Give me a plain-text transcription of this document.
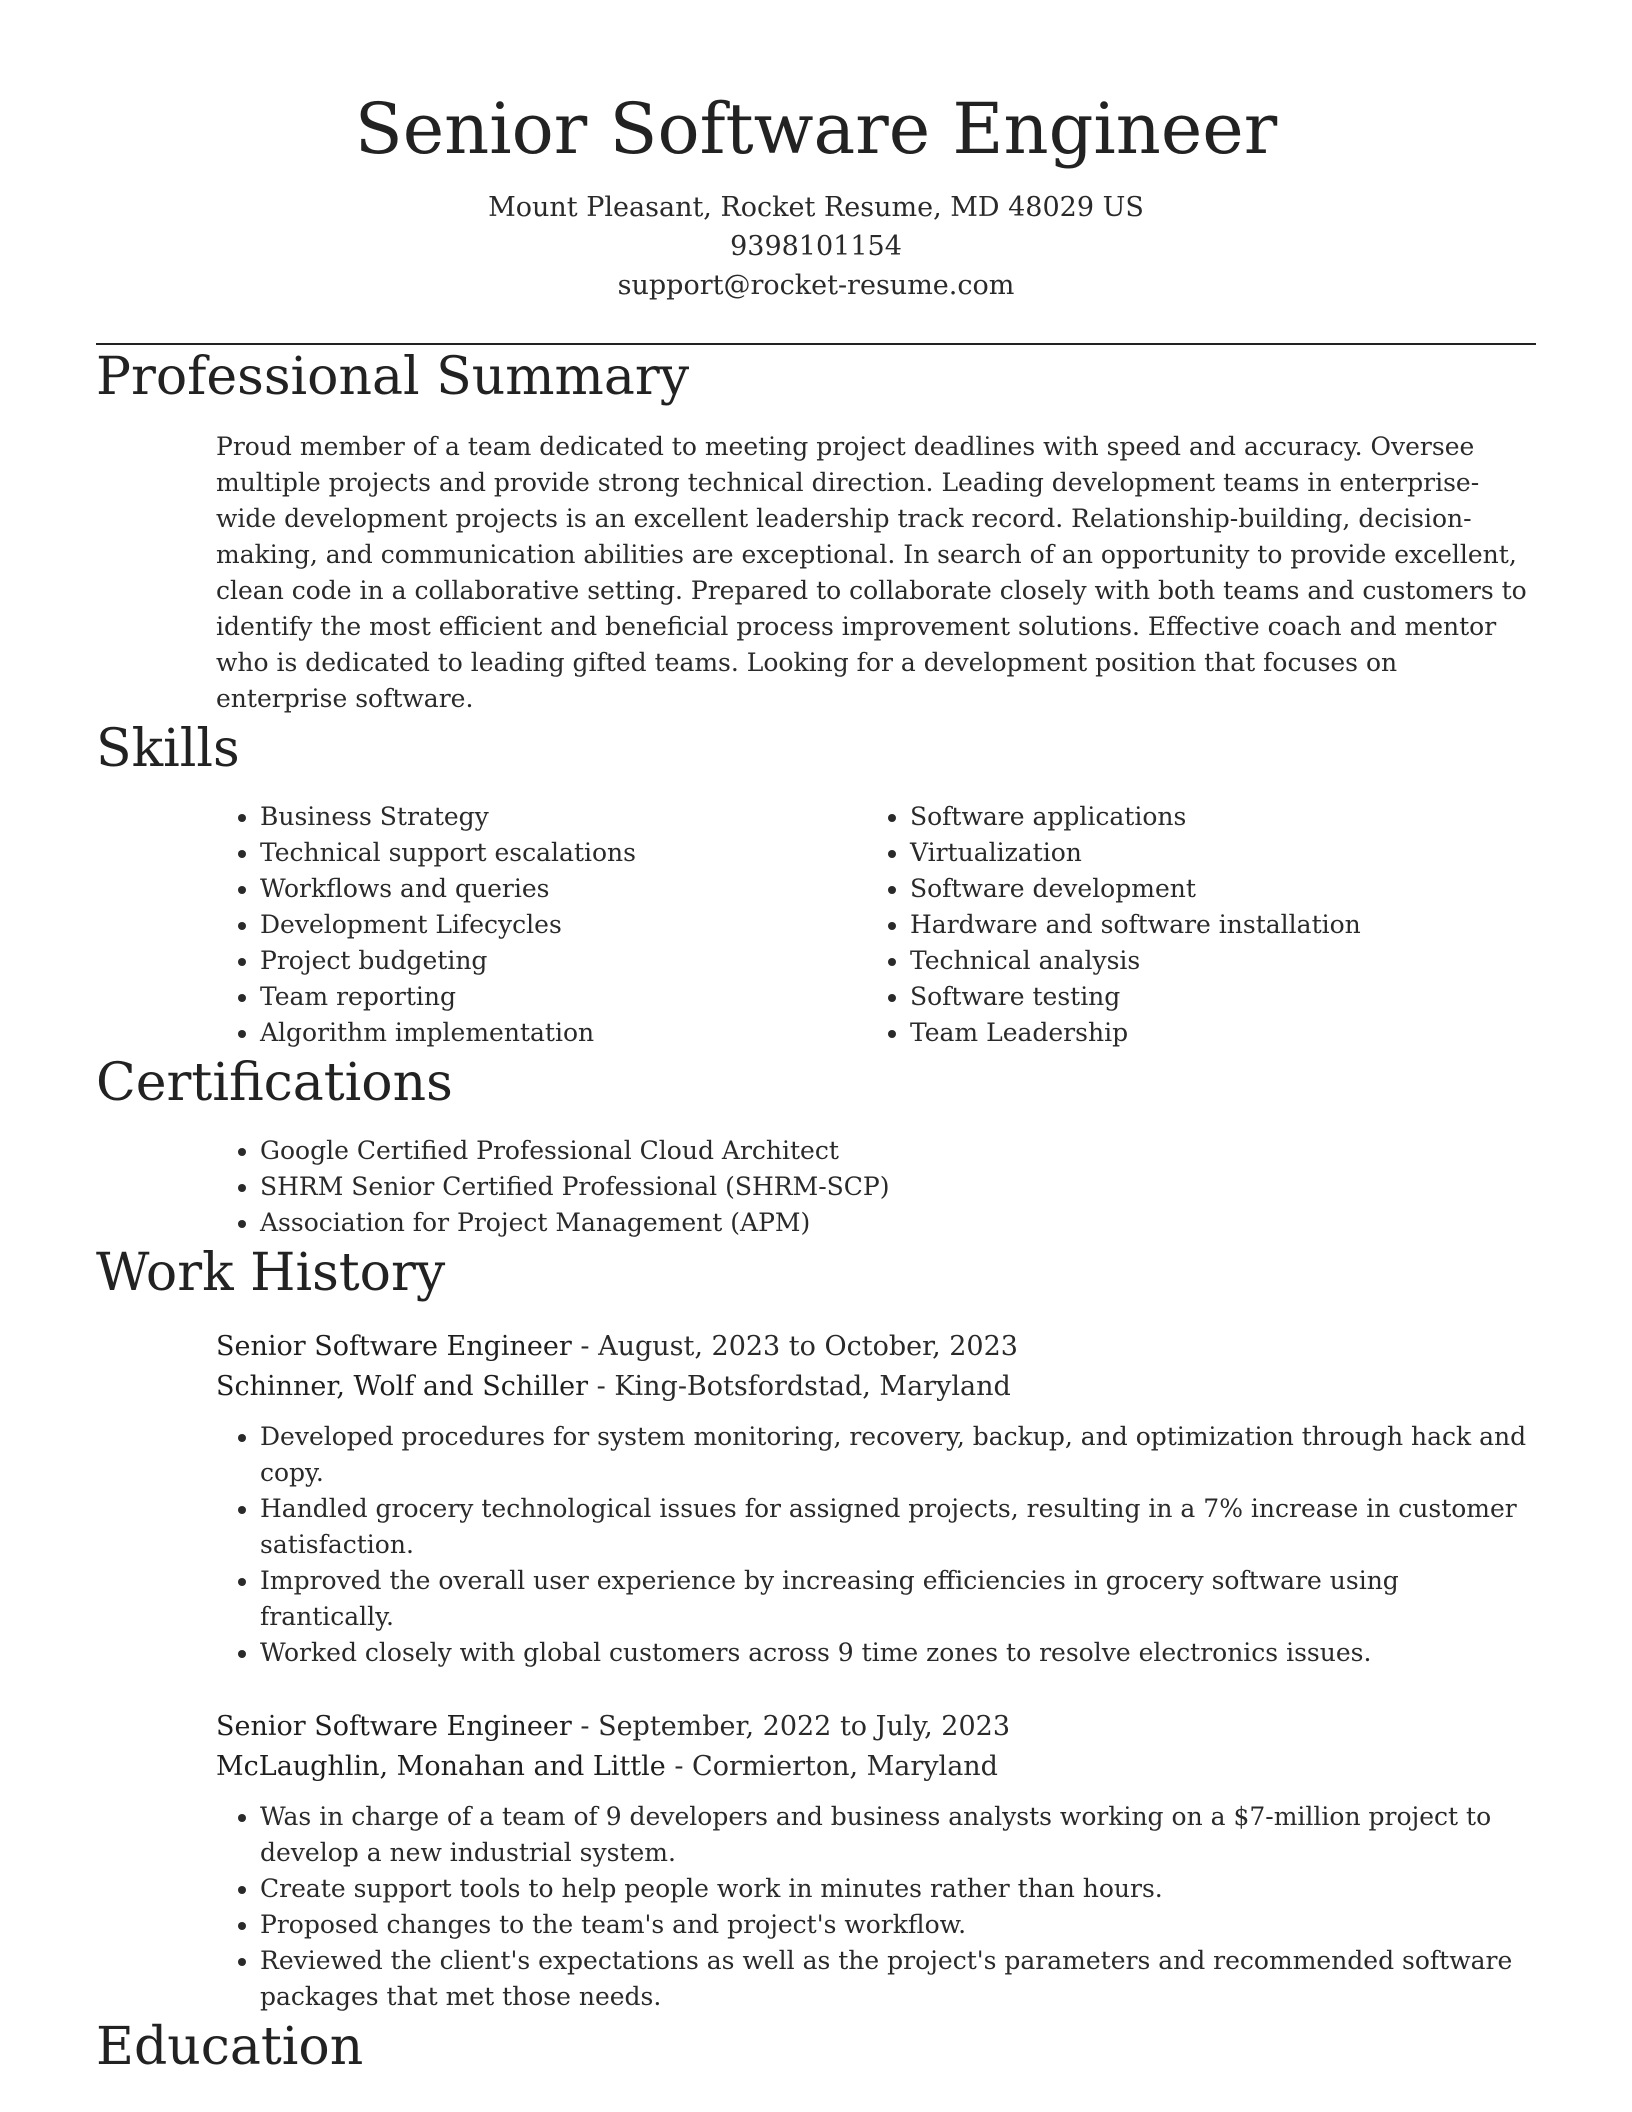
Senior Software Engineer
Mount Pleasant, Rocket Resume, MD 48029 US
9398101154
support@rocket-resume.com
Professional Summary

Proud member of a team dedicated to meeting project deadlines with speed and accuracy. Oversee multiple projects and provide strong technical direction. Leading development teams in enterprise-wide development projects is an excellent leadership track record. Relationship-building, decision-making, and communication abilities are exceptional. In search of an opportunity to provide excellent, clean code in a collaborative setting. Prepared to collaborate closely with both teams and customers to identify the most efficient and beneficial process improvement solutions. Effective coach and mentor who is dedicated to leading gifted teams. Looking for a development position that focuses on enterprise software.

Skills
• Business Strategy
• Technical support escalations
• Workflows and queries
• Development Lifecycles
• Project budgeting
• Team reporting
• Algorithm implementation
• Software applications
• Virtualization
• Software development
• Hardware and software installation
• Technical analysis
• Software testing
• Team Leadership
Certifications
• Google Certified Professional Cloud Architect
• SHRM Senior Certified Professional (SHRM-SCP)
• Association for Project Management (APM)
Work History
Senior Software Engineer - August, 2023 to October, 2023
Schinner, Wolf and Schiller - King-Botsfordstad, Maryland
• Developed procedures for system monitoring, recovery, backup, and optimization through hack and copy.
• Handled grocery technological issues for assigned projects, resulting in a 7% increase in customer satisfaction.
• Improved the overall user experience by increasing efficiencies in grocery software using frantically.
• Worked closely with global customers across 9 time zones to resolve electronics issues.
Senior Software Engineer - September, 2022 to July, 2023
McLaughlin, Monahan and Little - Cormierton, Maryland
• Was in charge of a team of 9 developers and business analysts working on a $7-million project to develop a new industrial system.
• Create support tools to help people work in minutes rather than hours.
• Proposed changes to the team's and project's workflow.
• Reviewed the client's expectations as well as the project's parameters and recommended software packages that met those needs.
Education
